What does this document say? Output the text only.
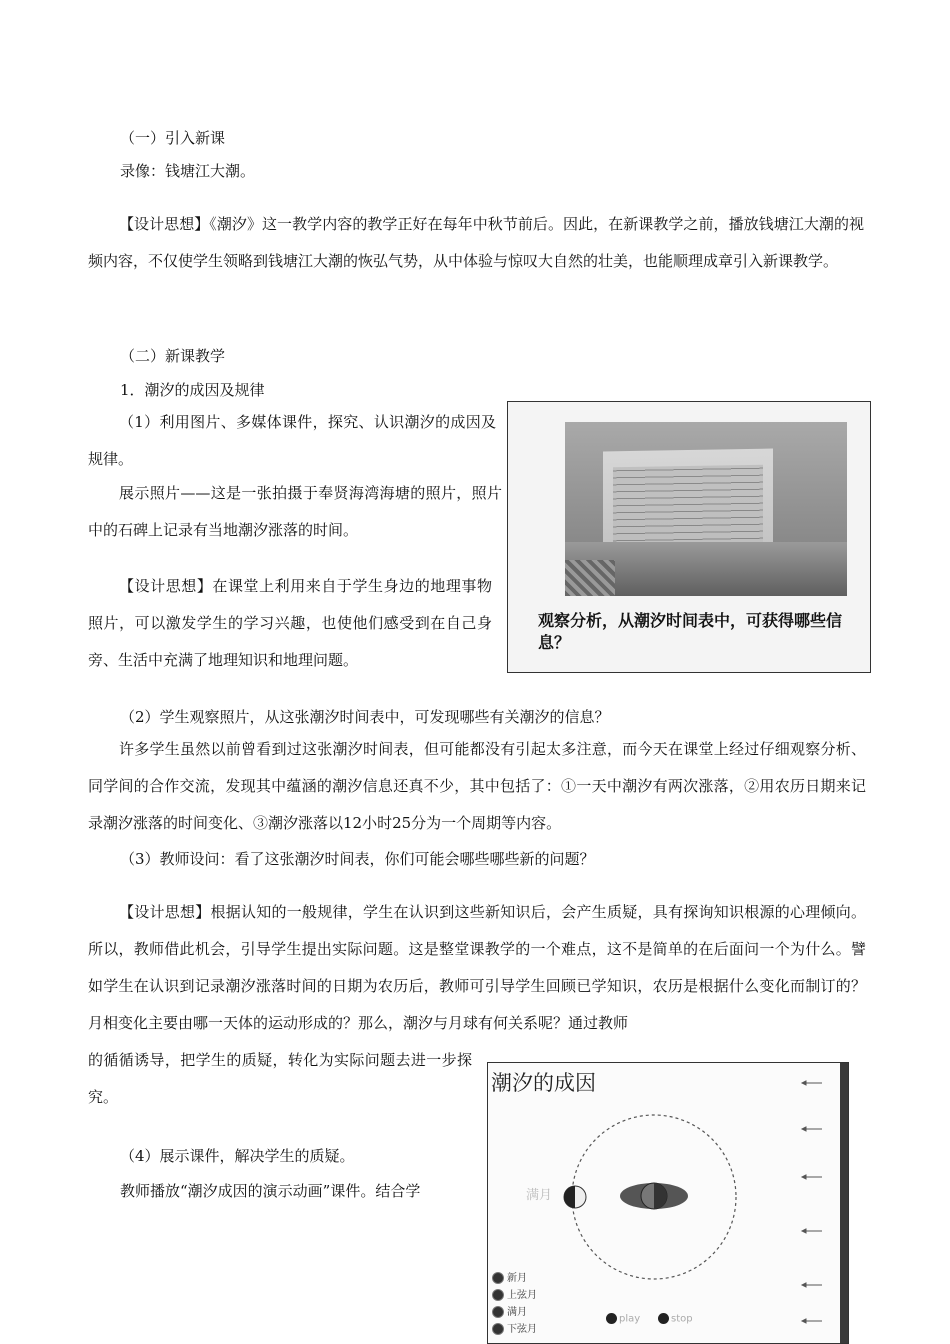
（一）引入新课
录像：钱塘江大潮。
【设计思想】《潮汐》这一教学内容的教学正好在每年中秋节前后。因此，在新课教学之前，播放钱塘江大潮的视频内容，不仅使学生领略到钱塘江大潮的恢弘气势，从中体验与惊叹大自然的壮美，也能顺理成章引入新课教学。
（二）新课教学
1．潮汐的成因及规律
（1）利用图片、多媒体课件，探究、认识潮汐的成因及规律。
展示照片——这是一张拍摄于奉贤海湾海塘的照片，照片中的石碑上记录有当地潮汐涨落的时间。
【设计思想】在课堂上利用来自于学生身边的地理事物照片，可以激发学生的学习兴趣，也使他们感受到在自己身旁、生活中充满了地理知识和地理问题。
观察分析，从潮汐时间表中，可获得哪些信息？
（2）学生观察照片，从这张潮汐时间表中，可发现哪些有关潮汐的信息？
许多学生虽然以前曾看到过这张潮汐时间表，但可能都没有引起太多注意，而今天在课堂上经过仔细观察分析、同学间的合作交流，发现其中蕴涵的潮汐信息还真不少，其中包括了：①一天中潮汐有两次涨落，②用农历日期来记录潮汐涨落的时间变化、③潮汐涨落以12小时25分为一个周期等内容。
（3）教师设问：看了这张潮汐时间表，你们可能会哪些哪些新的问题？
【设计思想】根据认知的一般规律，学生在认识到这些新知识后，会产生质疑，具有探询知识根源的心理倾向。所以，教师借此机会，引导学生提出实际问题。这是整堂课教学的一个难点，这不是简单的在后面问一个为什么。譬如学生在认识到记录潮汐涨落时间的日期为农历后，教师可引导学生回顾已学知识，农历是根据什么变化而制订的？月相变化主要由哪一天体的运动形成的？那么，潮汐与月球有何关系呢？通过教师
的循循诱导，把学生的质疑，转化为实际问题去进一步探究。
（4）展示课件，解决学生的质疑。
教师播放“潮汐成因的演示动画”课件。结合学
潮汐的成因
满月
新月
上弦月
满月
下弦月
play	stop
